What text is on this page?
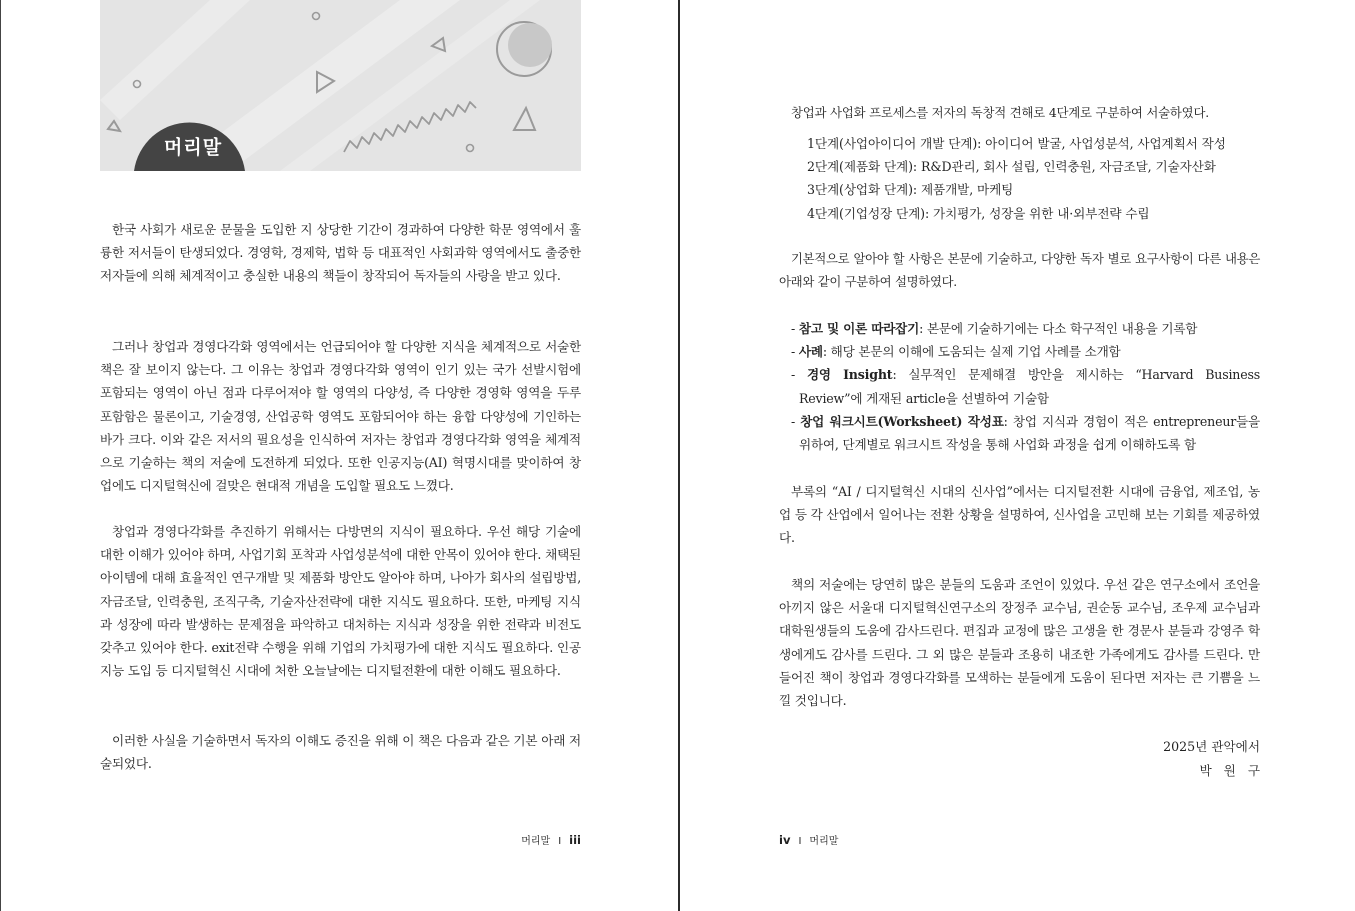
머리말

한국 사회가 새로운 문물을 도입한 지 상당한 기간이 경과하여 다양한 학문 영역에서 훌륭한 저서들이 탄생되었다. 경영학, 경제학, 법학 등 대표적인 사회과학 영역에서도 출중한 저자들에 의해 체계적이고 충실한 내용의 책들이 창작되어 독자들의 사랑을 받고 있다.

그러나 창업과 경영다각화 영역에서는 언급되어야 할 다양한 지식을 체계적으로 서술한 책은 잘 보이지 않는다. 그 이유는 창업과 경영다각화 영역이 인기 있는 국가 선발시험에 포함되는 영역이 아닌 점과 다루어져야 할 영역의 다양성, 즉 다양한 경영학 영역을 두루 포함함은 물론이고, 기술경영, 산업공학 영역도 포함되어야 하는 융합 다양성에 기인하는 바가 크다. 이와 같은 저서의 필요성을 인식하여 저자는 창업과 경영다각화 영역을 체계적으로 기술하는 책의 저술에 도전하게 되었다. 또한 인공지능(AI) 혁명시대를 맞이하여 창업에도 디지털혁신에 걸맞은 현대적 개념을 도입할 필요도 느꼈다.

창업과 경영다각화를 추진하기 위해서는 다방면의 지식이 필요하다. 우선 해당 기술에 대한 이해가 있어야 하며, 사업기회 포착과 사업성분석에 대한 안목이 있어야 한다. 채택된 아이템에 대해 효율적인 연구개발 및 제품화 방안도 알아야 하며, 나아가 회사의 설립방법, 자금조달, 인력충원, 조직구축, 기술자산전략에 대한 지식도 필요하다. 또한, 마케팅 지식과 성장에 따라 발생하는 문제점을 파악하고 대처하는 지식과 성장을 위한 전략과 비전도 갖추고 있어야 한다. exit전략 수행을 위해 기업의 가치평가에 대한 지식도 필요하다. 인공지능 도입 등 디지털혁신 시대에 처한 오늘날에는 디지털전환에 대한 이해도 필요하다.

이러한 사실을 기술하면서 독자의 이해도 증진을 위해 이 책은 다음과 같은 기본 아래 저술되었다.

머리말 I iii
창업과 사업화 프로세스를 저자의 독창적 견해로 4단계로 구분하여 서술하였다.
1단계(사업아이디어 개발 단계): 아이디어 발굴, 사업성분석, 사업계획서 작성
2단계(제품화 단계): R&D관리, 회사 설립, 인력충원, 자금조달, 기술자산화
3단계(상업화 단계): 제품개발, 마케팅
4단계(기업성장 단계): 가치평가, 성장을 위한 내·외부전략 수립

기본적으로 알아야 할 사항은 본문에 기술하고, 다양한 독자 별로 요구사항이 다른 내용은 아래와 같이 구분하여 설명하였다.

- 참고 및 이론 따라잡기: 본문에 기술하기에는 다소 학구적인 내용을 기록함
- 사례: 해당 본문의 이해에 도움되는 실제 기업 사례를 소개함
- 경영 Insight: 실무적인 문제해결 방안을 제시하는 “Harvard Business Review”에 게재된 article을 선별하여 기술함
- 창업 워크시트(Worksheet) 작성표: 창업 지식과 경험이 적은 entrepreneur들을 위하여, 단계별로 워크시트 작성을 통해 사업화 과정을 쉽게 이해하도록 함

부록의 “AI / 디지털혁신 시대의 신사업”에서는 디지털전환 시대에 금융업, 제조업, 농업 등 각 산업에서 일어나는 전환 상황을 설명하여, 신사업을 고민해 보는 기회를 제공하였다.

책의 저술에는 당연히 많은 분들의 도움과 조언이 있었다. 우선 같은 연구소에서 조언을 아끼지 않은 서울대 디지털혁신연구소의 장정주 교수님, 권순동 교수님, 조우제 교수님과 대학원생들의 도움에 감사드린다. 편집과 교정에 많은 고생을 한 경문사 분들과 강영주 학생에게도 감사를 드린다. 그 외 많은 분들과 조용히 내조한 가족에게도 감사를 드린다. 만들어진 책이 창업과 경영다각화를 모색하는 분들에게 도움이 된다면 저자는 큰 기쁨을 느낄 것입니다.

2025년 관악에서
박 원 구
iv I 머리말
